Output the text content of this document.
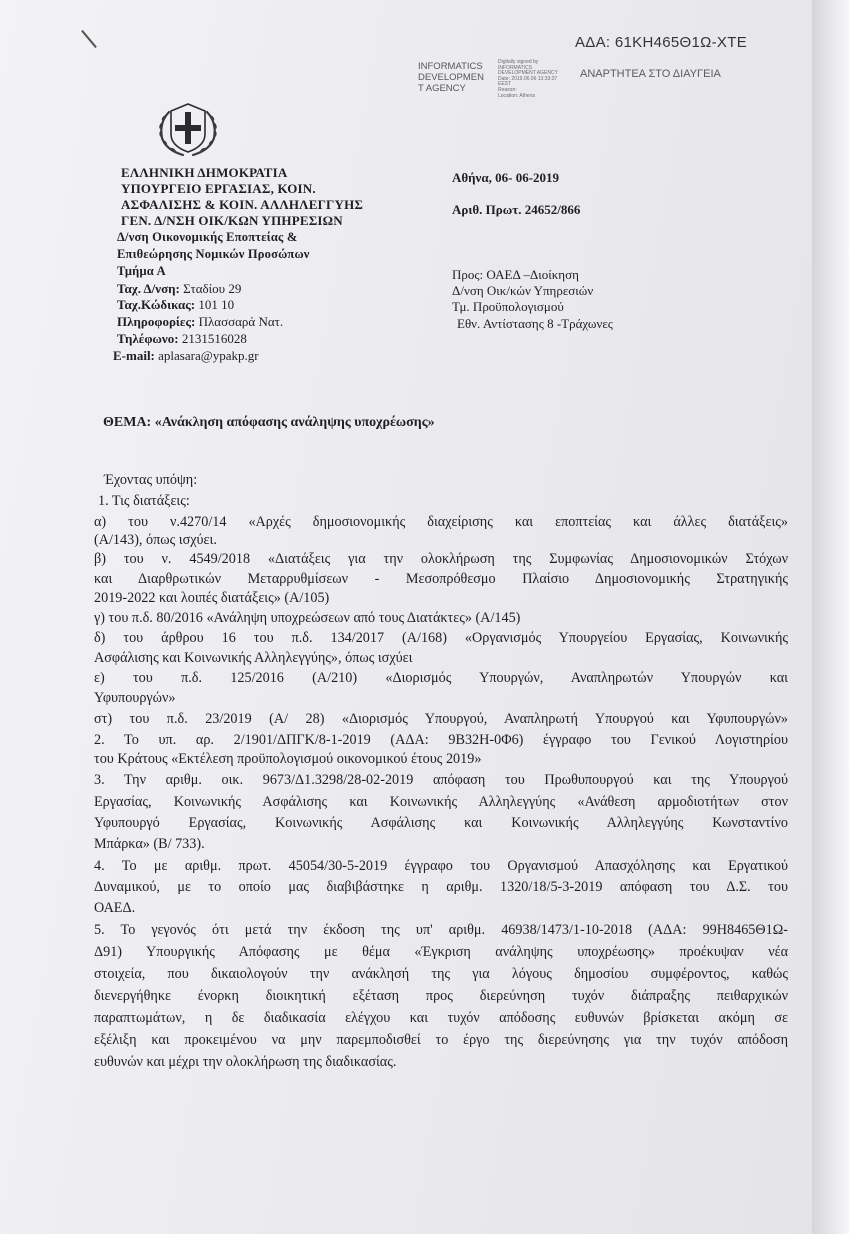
ΑΔΑ: 61ΚΗ465Θ1Ω-ΧΤΕ
INFORMATICS
DEVELOPMEN
T AGENCY
Digitally signed by
INFORMATICS
DEVELOPMENT AGENCY
Date: 2019.06.06 13:33:37
EEST
Reason:
Location: Athens
ΑΝΑΡΤΗΤΕΑ ΣΤΟ ΔΙΑΥΓΕΙΑ
ΕΛΛΗΝΙΚΗ ΔΗΜΟΚΡΑΤΙΑ
ΥΠΟΥΡΓΕΙΟ ΕΡΓΑΣΙΑΣ, ΚΟΙΝ.
ΑΣΦΑΛΙΣΗΣ & ΚΟΙΝ. ΑΛΛΗΛΕΓΓΥΗΣ
ΓΕΝ. Δ/ΝΣΗ ΟΙΚ/ΚΩΝ ΥΠΗΡΕΣΙΩΝ
Δ/νση Οικονομικής Εποπτείας &
Επιθεώρησης Νομικών Προσώπων
Τμήμα Α
Ταχ. Δ/νση: Σταδίου 29
Ταχ.Κώδικας: 101 10
Πληροφορίες: Πλασσαρά Νατ.
Τηλέφωνο: 2131516028
E-mail: aplasara@ypakp.gr
Αθήνα, 06- 06-2019
Αριθ. Πρωτ. 24652/866
Προς: ΟΑΕΔ –Διοίκηση
Δ/νση Οικ/κών Υπηρεσιών
Τμ. Προϋπολογισμού
Εθν. Αντίστασης 8 -Τράχωνες
ΘΕΜΑ: «Ανάκληση απόφασης ανάληψης υποχρέωσης»
Έχοντας υπόψη:
1. Τις διατάξεις:
α) του ν.4270/14 «Αρχές δημοσιονομικής διαχείρισης και εποπτείας και άλλες διατάξεις»
(Α/143), όπως ισχύει.
β) του ν. 4549/2018 «Διατάξεις για την ολοκλήρωση της Συμφωνίας Δημοσιονομικών Στόχων
και Διαρθρωτικών Μεταρρυθμίσεων - Μεσοπρόθεσμο Πλαίσιο Δημοσιονομικής Στρατηγικής
2019-2022 και λοιπές διατάξεις» (Α/105)
γ) του π.δ. 80/2016 «Ανάληψη υποχρεώσεων από τους Διατάκτες» (Α/145)
δ) του άρθρου 16 του π.δ. 134/2017 (Α/168) «Οργανισμός Υπουργείου Εργασίας, Κοινωνικής
Ασφάλισης και Κοινωνικής Αλληλεγγύης», όπως ισχύει
ε) του π.δ. 125/2016 (Α/210) «Διορισμός Υπουργών, Αναπληρωτών Υπουργών και
Υφυπουργών»
στ) του π.δ. 23/2019 (Α/ 28) «Διορισμός Υπουργού, Αναπληρωτή Υπουργού και Υφυπουργών»
2. Το υπ. αρ. 2/1901/ΔΠΓΚ/8-1-2019 (ΑΔΑ: 9Β32Η-0Φ6) έγγραφο του Γενικού Λογιστηρίου
του Κράτους «Εκτέλεση προϋπολογισμού οικονομικού έτους 2019»
3. Την αριθμ. οικ. 9673/Δ1.3298/28-02-2019 απόφαση του Πρωθυπουργού και της Υπουργού
Εργασίας, Κοινωνικής Ασφάλισης και Κοινωνικής Αλληλεγγύης «Ανάθεση αρμοδιοτήτων στον
Υφυπουργό Εργασίας, Κοινωνικής Ασφάλισης και Κοινωνικής Αλληλεγγύης Κωνσταντίνο
Μπάρκα» (Β/ 733).
4. Το με αριθμ. πρωτ. 45054/30-5-2019 έγγραφο του Οργανισμού Απασχόλησης και Εργατικού
Δυναμικού, με το οποίο μας διαβιβάστηκε η αριθμ. 1320/18/5-3-2019 απόφαση του Δ.Σ. του
ΟΑΕΔ.
5. Το γεγονός ότι μετά την έκδοση της υπ' αριθμ. 46938/1473/1-10-2018 (ΑΔΑ: 99Η8465Θ1Ω-
Δ91) Υπουργικής Απόφασης με θέμα «Έγκριση ανάληψης υποχρέωσης» προέκυψαν νέα
στοιχεία, που δικαιολογούν την ανάκλησή της για λόγους δημοσίου συμφέροντος, καθώς
διενεργήθηκε ένορκη διοικητική εξέταση προς διερεύνηση τυχόν διάπραξης πειθαρχικών
παραπτωμάτων, η δε διαδικασία ελέγχου και τυχόν απόδοσης ευθυνών βρίσκεται ακόμη σε
εξέλιξη και προκειμένου να μην παρεμποδισθεί το έργο της διερεύνησης για την τυχόν απόδοση
ευθυνών και μέχρι την ολοκλήρωση της διαδικασίας.
